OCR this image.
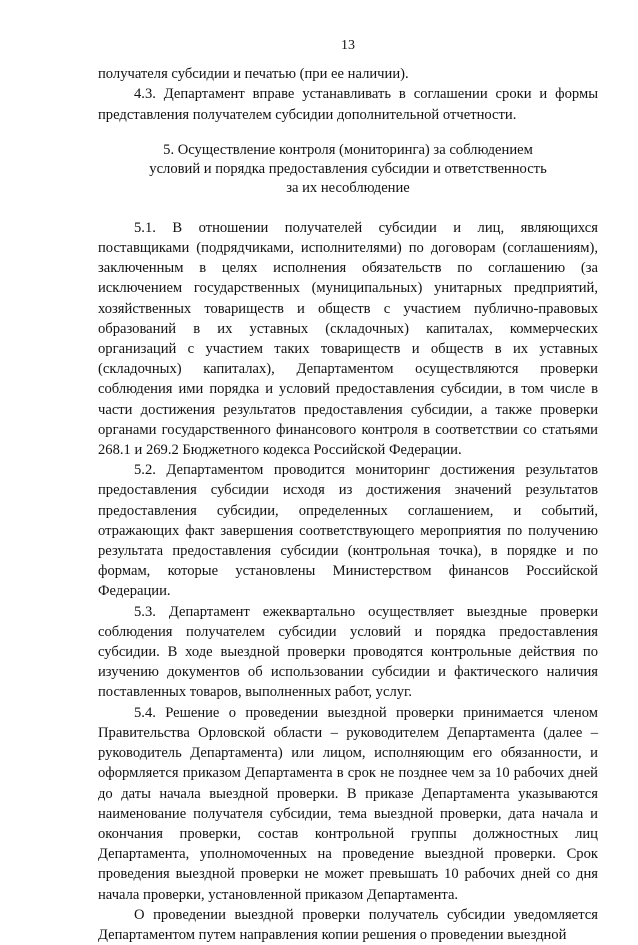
13

получателя субсидии и печатью (при ее наличии).

4.3. Департамент вправе устанавливать в соглашении сроки и формы представления получателем субсидии дополнительной отчетности.

5. Осуществление контроля (мониторинга) за соблюдением
условий и порядка предоставления субсидии и ответственность
за их несоблюдение

5.1. В отношении получателей субсидии и лиц, являющихся поставщиками (подрядчиками, исполнителями) по договорам (соглашениям), заключенным в целях исполнения обязательств по соглашению (за исключением государственных (муниципальных) унитарных предприятий, хозяйственных товариществ и обществ с участием публично-правовых образований в их уставных (складочных) капиталах, коммерческих организаций с участием таких товариществ и обществ в их уставных (складочных) капиталах), Департаментом осуществляются проверки соблюдения ими порядка и условий предоставления субсидии, в том числе в части достижения результатов предоставления субсидии, а также проверки органами государственного финансового контроля в соответствии со статьями 268.1 и 269.2 Бюджетного кодекса Российской Федерации.

5.2. Департаментом проводится мониторинг достижения результатов предоставления субсидии исходя из достижения значений результатов предоставления субсидии, определенных соглашением, и событий, отражающих факт завершения соответствующего мероприятия по получению результата предоставления субсидии (контрольная точка), в порядке и по формам, которые установлены Министерством финансов Российской Федерации.

5.3. Департамент ежеквартально осуществляет выездные проверки соблюдения получателем субсидии условий и порядка предоставления субсидии. В ходе выездной проверки проводятся контрольные действия по изучению документов об использовании субсидии и фактического наличия поставленных товаров, выполненных работ, услуг.

5.4. Решение о проведении выездной проверки принимается членом Правительства Орловской области – руководителем Департамента (далее – руководитель Департамента) или лицом, исполняющим его обязанности, и оформляется приказом Департамента в срок не позднее чем за 10 рабочих дней до даты начала выездной проверки. В приказе Департамента указываются наименование получателя субсидии, тема выездной проверки, дата начала и окончания проверки, состав контрольной группы должностных лиц Департамента, уполномоченных на проведение выездной проверки. Срок проведения выездной проверки не может превышать 10 рабочих дней со дня начала проверки, установленной приказом Департамента.

О проведении выездной проверки получатель субсидии уведомляется Департаментом путем направления копии решения о проведении выездной
